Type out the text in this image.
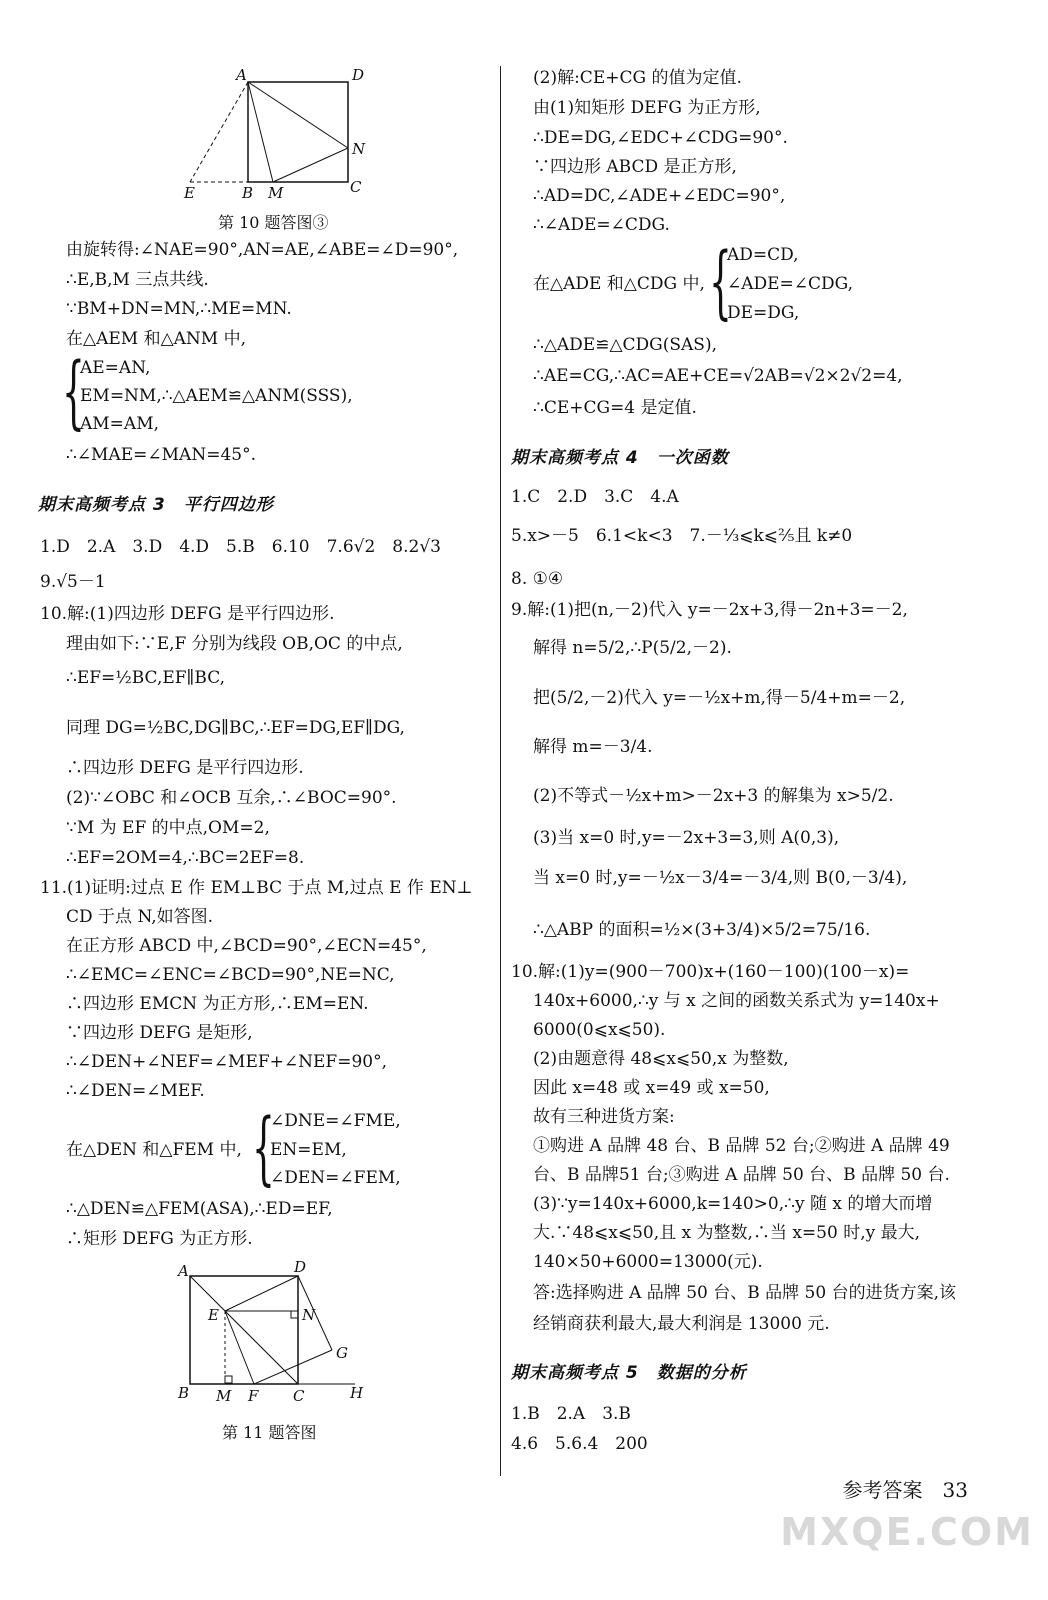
A	D
N
E	B M	C
第 10 题答图③
由旋转得:∠NAE=90°,AN=AE,∠ABE=∠D=90°,
∴E,B,M 三点共线.
∵BM+DN=MN,∴ME=MN.
在△AEM 和△ANM 中,
{
AE=AN,
EM=NM,∴△AEM≌△ANM(SSS),
AM=AM,
∴∠MAE=∠MAN=45°.
期末高频考点 3　平行四边形
1.D　2.A　3.D　4.D　5.B　6.10　7.6√2　8.2√3
9.√5－1
10.解:(1)四边形 DEFG 是平行四边形.
理由如下:∵E,F 分别为线段 OB,OC 的中点,
∴EF=½BC,EF∥BC,
同理 DG=½BC,DG∥BC,∴EF=DG,EF∥DG,
∴四边形 DEFG 是平行四边形.
(2)∵∠OBC 和∠OCB 互余,∴∠BOC=90°.
∵M 为 EF 的中点,OM=2,
∴EF=2OM=4,∴BC=2EF=8.
11.(1)证明:过点 E 作 EM⊥BC 于点 M,过点 E 作 EN⊥
CD 于点 N,如答图.
在正方形 ABCD 中,∠BCD=90°,∠ECN=45°,
∴∠EMC=∠ENC=∠BCD=90°,NE=NC,
∴四边形 EMCN 为正方形,∴EM=EN.
∵四边形 DEFG 是矩形,
∴∠DEN+∠NEF=∠MEF+∠NEF=90°,
∴∠DEN=∠MEF.
在△DEN 和△FEM 中, {
∠DNE=∠FME,
EN=EM,
∠DEN=∠FEM,
∴△DEN≌△FEM(ASA),∴ED=EF,
∴矩形 DEFG 为正方形.
A	D
E	N
G
B M F C	H
第 11 题答图
(2)解:CE+CG 的值为定值.
由(1)知矩形 DEFG 为正方形,
∴DE=DG,∠EDC+∠CDG=90°.
∵四边形 ABCD 是正方形,
∴AD=DC,∠ADE+∠EDC=90°,
∴∠ADE=∠CDG.
在△ADE 和△CDG 中, {
AD=CD,
∠ADE=∠CDG,
DE=DG,
∴△ADE≌△CDG(SAS),
∴AE=CG,∴AC=AE+CE=√2AB=√2×2√2=4,
∴CE+CG=4 是定值.
期末高频考点 4　一次函数
1.C　2.D　3.C　4.A
5.x>－5　6.1<k<3　7.－⅓⩽k⩽⅖且 k≠0
8. ①④
9.解:(1)把(n,－2)代入 y=－2x+3,得－2n+3=－2,
解得 n=5/2,∴P(5/2,－2).
把(5/2,－2)代入 y=－½x+m,得－5/4+m=－2,
解得 m=－3/4.
(2)不等式－½x+m>－2x+3 的解集为 x>5/2.
(3)当 x=0 时,y=－2x+3=3,则 A(0,3),
当 x=0 时,y=－½x－3/4=－3/4,则 B(0,－3/4),
∴△ABP 的面积=½×(3+3/4)×5/2=75/16.
10.解:(1)y=(900－700)x+(160－100)(100－x)=
140x+6000,∴y 与 x 之间的函数关系式为 y=140x+
6000(0⩽x⩽50).
(2)由题意得 48⩽x⩽50,x 为整数,
因此 x=48 或 x=49 或 x=50,
故有三种进货方案:
①购进 A 品牌 48 台、B 品牌 52 台;②购进 A 品牌 49
台、B 品牌51 台;③购进 A 品牌 50 台、B 品牌 50 台.
(3)∵y=140x+6000,k=140>0,∴y 随 x 的增大而增
大.∵48⩽x⩽50,且 x 为整数,∴当 x=50 时,y 最大,
140×50+6000=13000(元).
答:选择购进 A 品牌 50 台、B 品牌 50 台的进货方案,该
经销商获利最大,最大利润是 13000 元.
期末高频考点 5　数据的分析
1.B　2.A　3.B
4.6　5.6.4　200
参考答案　33
MXQE.COM
